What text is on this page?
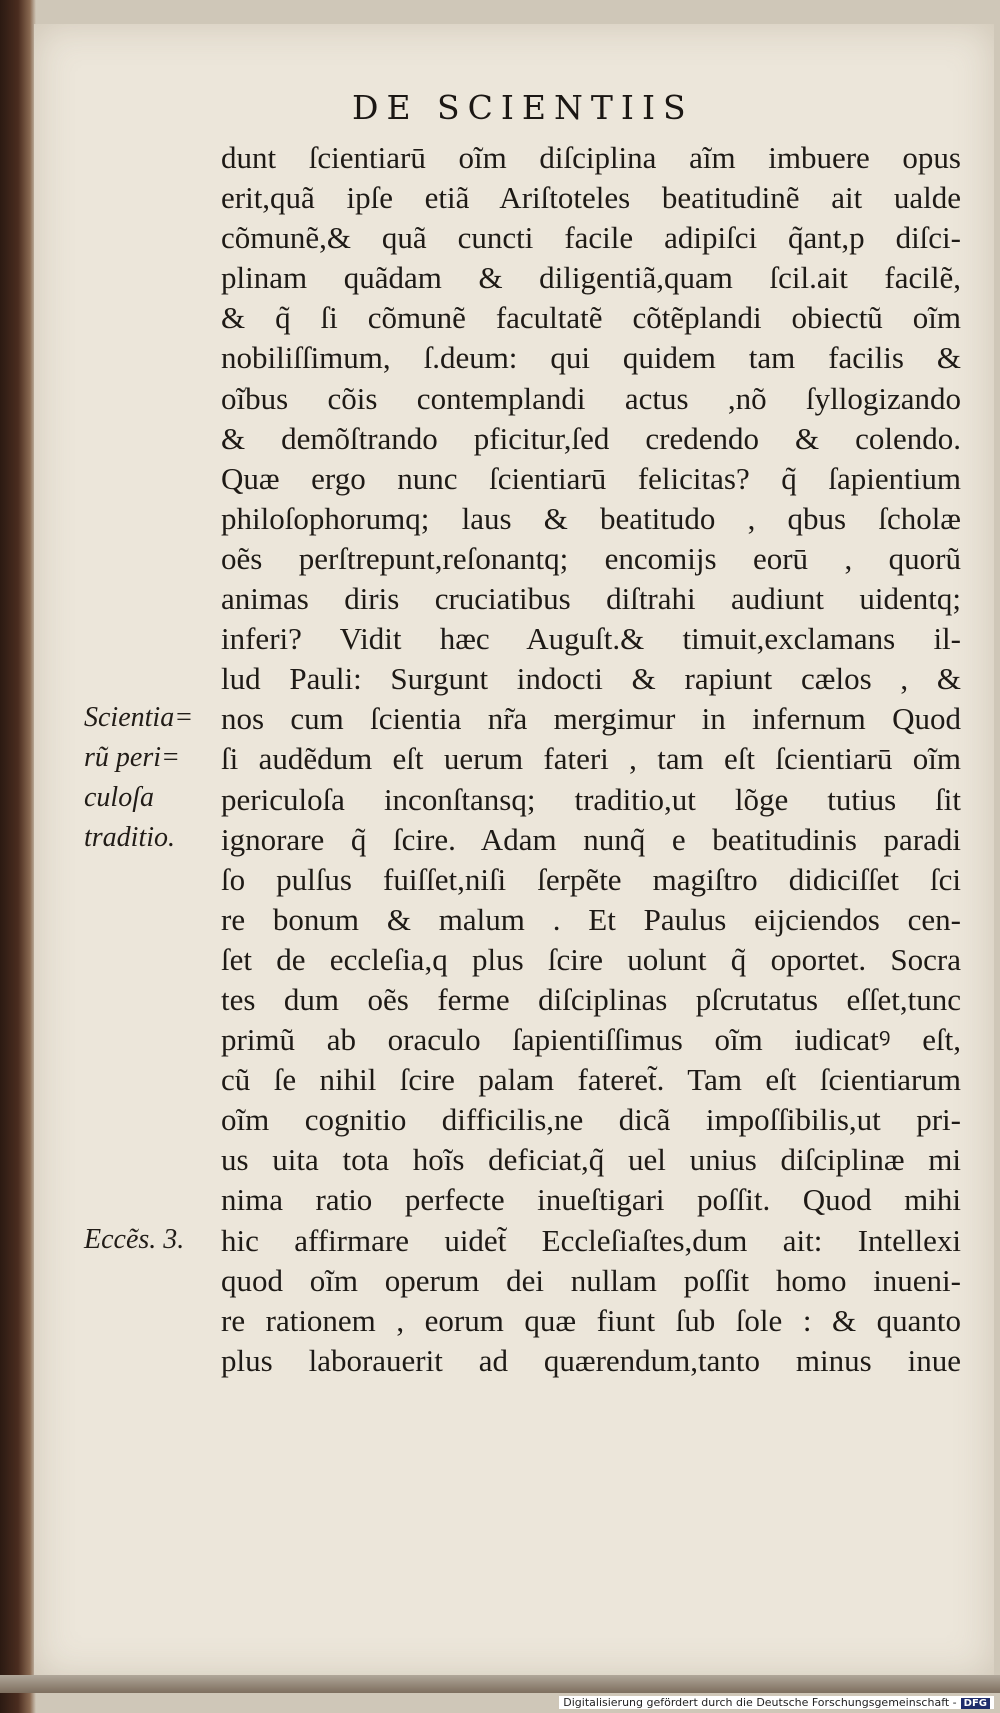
DE SCIENTIIS
dunt ſcientiarū oĩm diſciplina aĩm imbuere opus
erit,quã ipſe etiã Ariſtoteles beatitudinẽ ait ualde
cõmunẽ,& quã cuncti facile adipiſci q̃ant,p diſci-
plinam quãdam & diligentiã,quam ſcil.ait facilẽ,
& q̃ ſi cõmunẽ facultatẽ cõtẽplandi obiectũ oĩm
nobiliſſimum, ſ.deum: qui quidem tam facilis &
oĩbus cõis contemplandi actus ,nõ ſyllogizando
& demõſtrando pficitur,ſed credendo & colendo.
Quæ ergo nunc ſcientiarū felicitas? q̃ ſapientium
philoſophorumq; laus & beatitudo , qbus ſcholæ
oẽs perſtrepunt,reſonantq; encomijs eorū , quorũ
animas diris cruciatibus diſtrahi audiunt uidentq;
inferi? Vidit hæc Auguſt.& timuit,exclamans il-
lud Pauli: Surgunt indocti & rapiunt cælos , &
nos cum ſcientia nr̃a mergimur in infernum Quod
ſi audẽdum eſt uerum fateri , tam eſt ſcientiarū oĩm
periculoſa inconſtansq; traditio,ut lõge tutius ſit
ignorare q̃ ſcire. Adam nunq̃ e beatitudinis paradi
ſo pulſus fuiſſet,niſi ſerpẽte magiſtro didiciſſet ſci
re bonum & malum . Et Paulus eijciendos cen-
ſet de eccleſia,q plus ſcire uolunt q̃ oportet. Socra
tes dum oẽs ferme diſciplinas pſcrutatus eſſet,tunc
primũ ab oraculo ſapientiſſimus oĩm iudicatꝰ eſt,
cũ ſe nihil ſcire palam fateret̃. Tam eſt ſcientiarum
oĩm cognitio difficilis,ne dicã impoſſibilis,ut pri-
us uita tota hoĩs deficiat,q̃ uel unius diſciplinæ mi
nima ratio perfecte inueſtigari poſſit. Quod mihi
hic affirmare uidet̃ Eccleſiaſtes,dum ait: Intellexi
quod oĩm operum dei nullam poſſit homo inueni-
re rationem , eorum quæ fiunt ſub ſole : & quanto
plus laborauerit ad quærendum,tanto minus inue
Scientia=
rũ peri=
culoſa
traditio.
Eccẽs. 3.
Digitalisierung gefördert durch die Deutsche Forschungsgemeinschaft - DFG
